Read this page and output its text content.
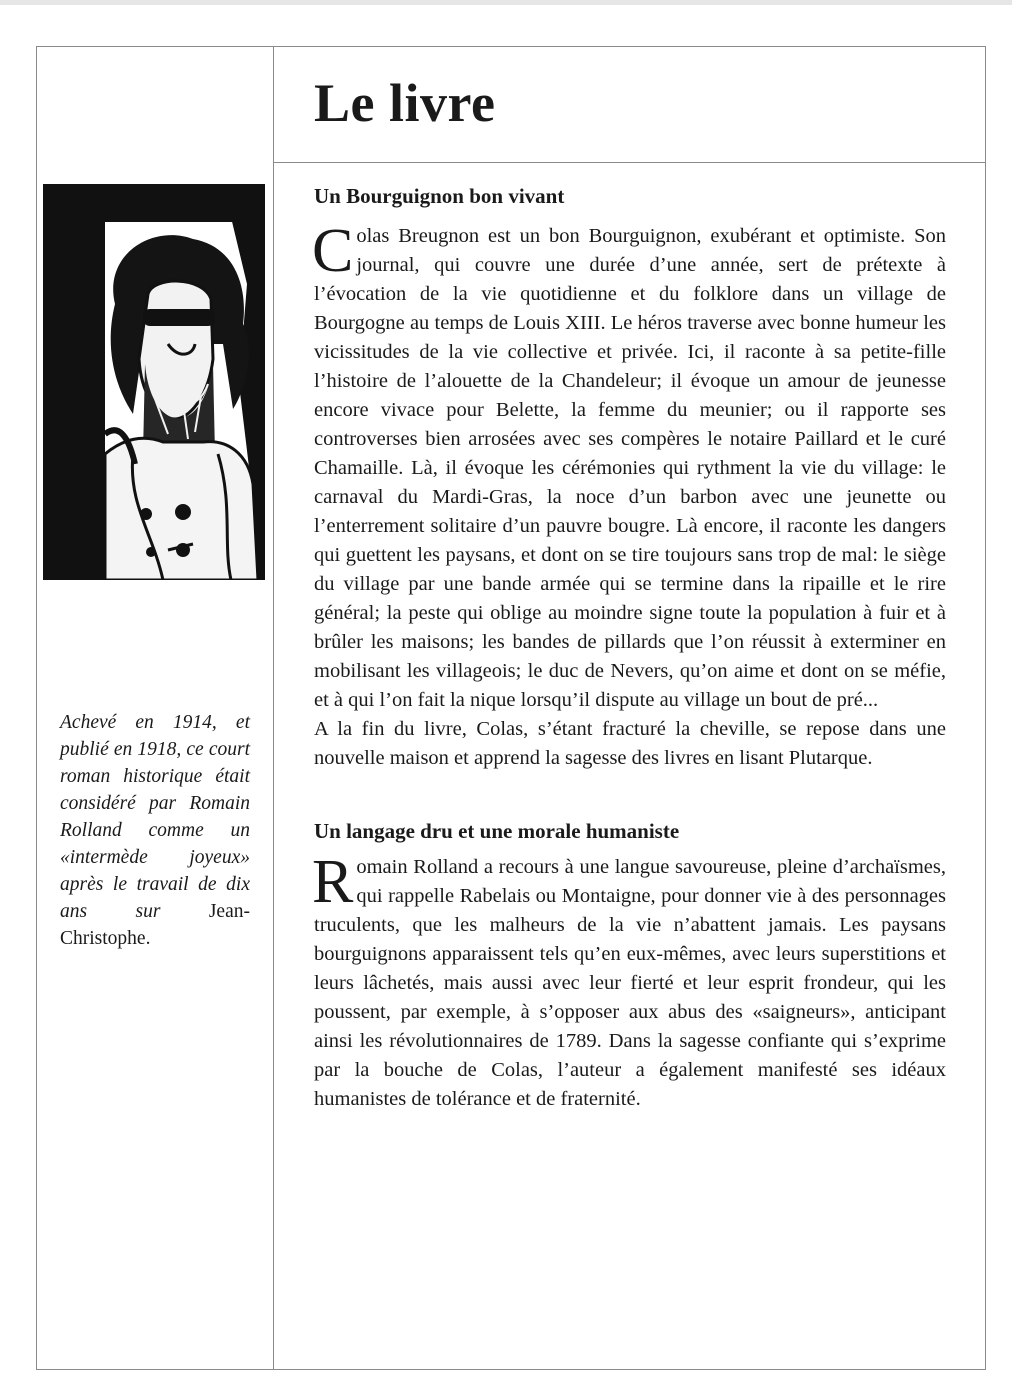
Le livre
Achevé en 1914, et publié en 1918, ce court roman historique était considéré par Romain Rolland comme un «intermède joyeux» après le travail de dix ans sur Jean-Christophe.
Un Bourguignon bon vivant

Colas Breugnon est un bon Bourguignon, exubérant et optimiste. Son journal, qui couvre une durée d’une année, sert de prétexte à l’évocation de la vie quotidienne et du folklore dans un village de Bourgogne au temps de Louis XIII. Le héros traverse avec bonne humeur les vicissitudes de la vie collective et privée. Ici, il raconte à sa petite-fille l’histoire de l’alouette de la Chandeleur; il évoque un amour de jeunesse encore vivace pour Belette, la femme du meunier; ou il rapporte ses controverses bien arrosées avec ses compères le notaire Paillard et le curé Chamaille. Là, il évoque les cérémonies qui rythment la vie du village: le carnaval du Mardi-Gras, la noce d’un barbon avec une jeunette ou l’enterrement solitaire d’un pauvre bougre. Là encore, il raconte les dangers qui guettent les paysans, et dont on se tire toujours sans trop de mal: le siège du village par une bande armée qui se termine dans la ripaille et le rire général; la peste qui oblige au moindre signe toute la population à fuir et à brûler les maisons; les bandes de pillards que l’on réussit à exterminer en mobilisant les villageois; le duc de Nevers, qu’on aime et dont on se méfie, et à qui l’on fait la nique lorsqu’il dispute au village un bout de pré...

A la fin du livre, Colas, s’étant fracturé la cheville, se repose dans une nouvelle maison et apprend la sagesse des livres en lisant Plutarque.

Un langage dru et une morale humaniste

Romain Rolland a recours à une langue savoureuse, pleine d’archaïsmes, qui rappelle Rabelais ou Montaigne, pour donner vie à des personnages truculents, que les malheurs de la vie n’abattent jamais. Les paysans bourguignons apparaissent tels qu’en eux-mêmes, avec leurs superstitions et leurs lâchetés, mais aussi avec leur fierté et leur esprit frondeur, qui les poussent, par exemple, à s’opposer aux abus des «saigneurs», anticipant ainsi les révolutionnaires de 1789. Dans la sagesse confiante qui s’exprime par la bouche de Colas, l’auteur a également manifesté ses idéaux humanistes de tolérance et de fraternité.
